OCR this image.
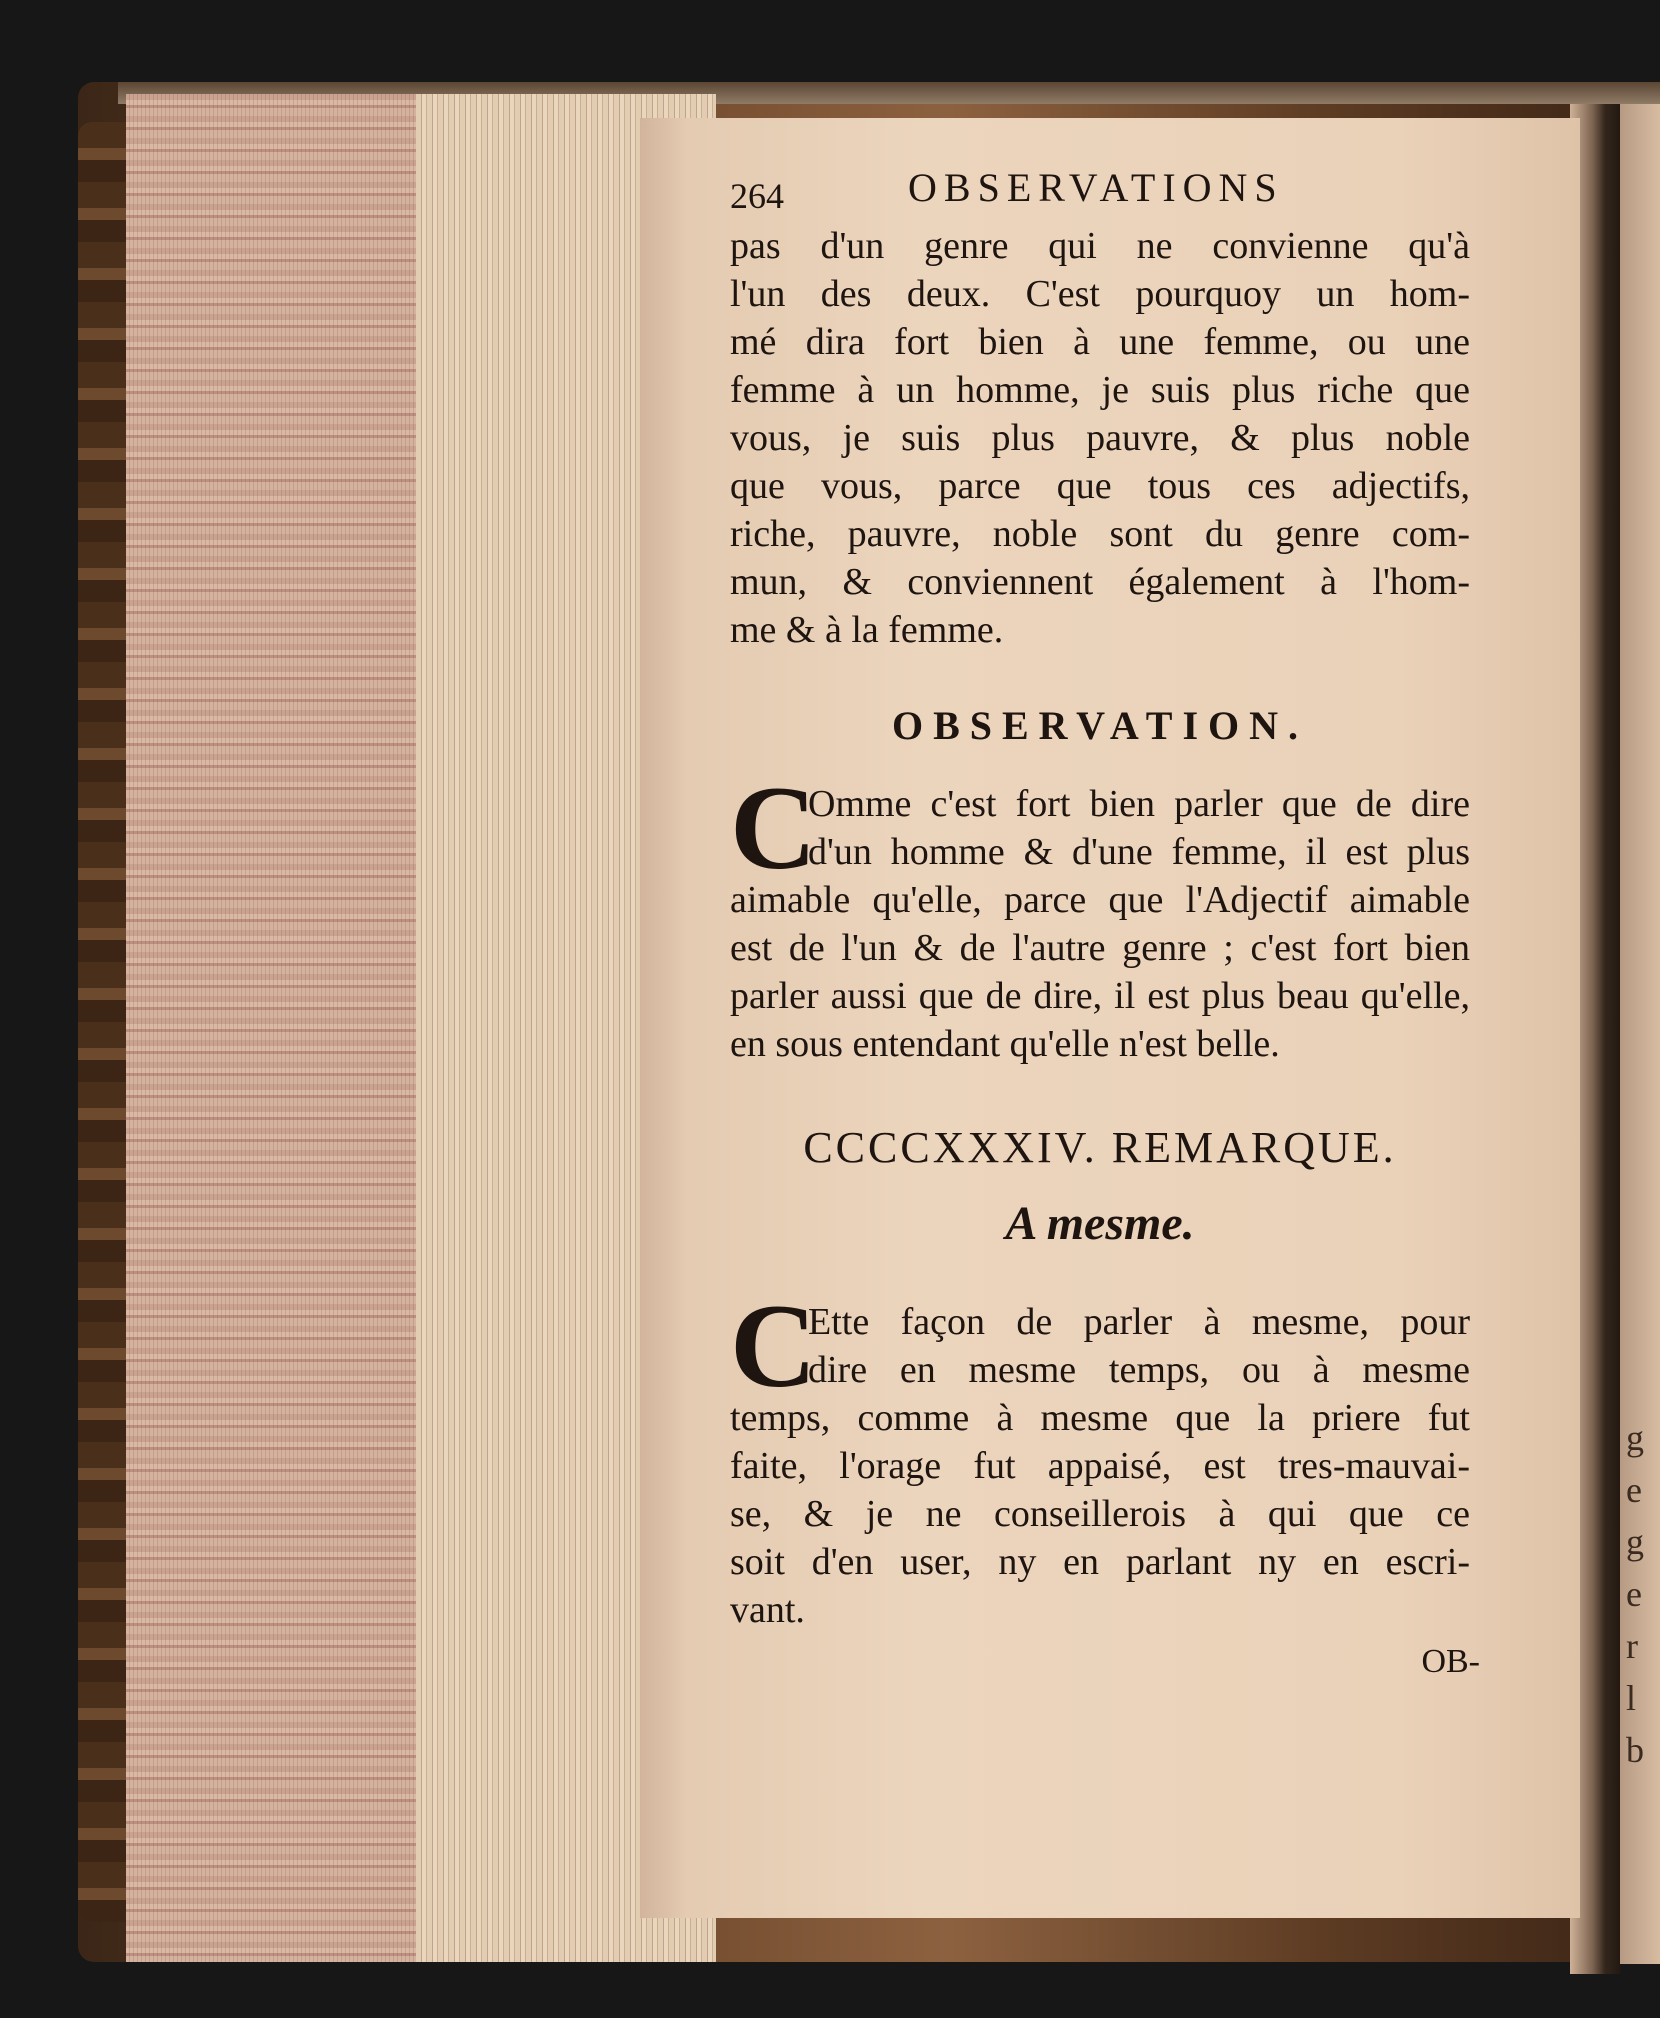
g
e
g
e
r
l
b
264	OBSERVATIONS

pas d'un genre qui ne convienne qu'à

l'un des deux. C'est pourquoy un hom-

mé dira fort bien à une femme, ou une

femme à un homme, je suis plus riche que

vous, je suis plus pauvre, & plus noble

que vous, parce que tous ces adjectifs,

riche, pauvre, noble sont du genre com-

mun, & conviennent également à l'hom-

me & à la femme.

OBSERVATION.
C

Omme c'est fort bien parler que de dire

d'un homme & d'une femme, il est plus

aimable qu'elle, parce que l'Adjectif aimable

est de l'un & de l'autre genre ; c'est fort bien

parler aussi que de dire, il est plus beau qu'elle,

en sous entendant qu'elle n'est belle.

CCCCXXXIV. REMARQUE.
A mesme.
C

Ette façon de parler à mesme, pour

dire en mesme temps, ou à mesme

temps, comme à mesme que la priere fut

faite, l'orage fut appaisé, est tres-mauvai-

se, & je ne conseillerois à qui que ce

soit d'en user, ny en parlant ny en escri-

vant.

OB-
